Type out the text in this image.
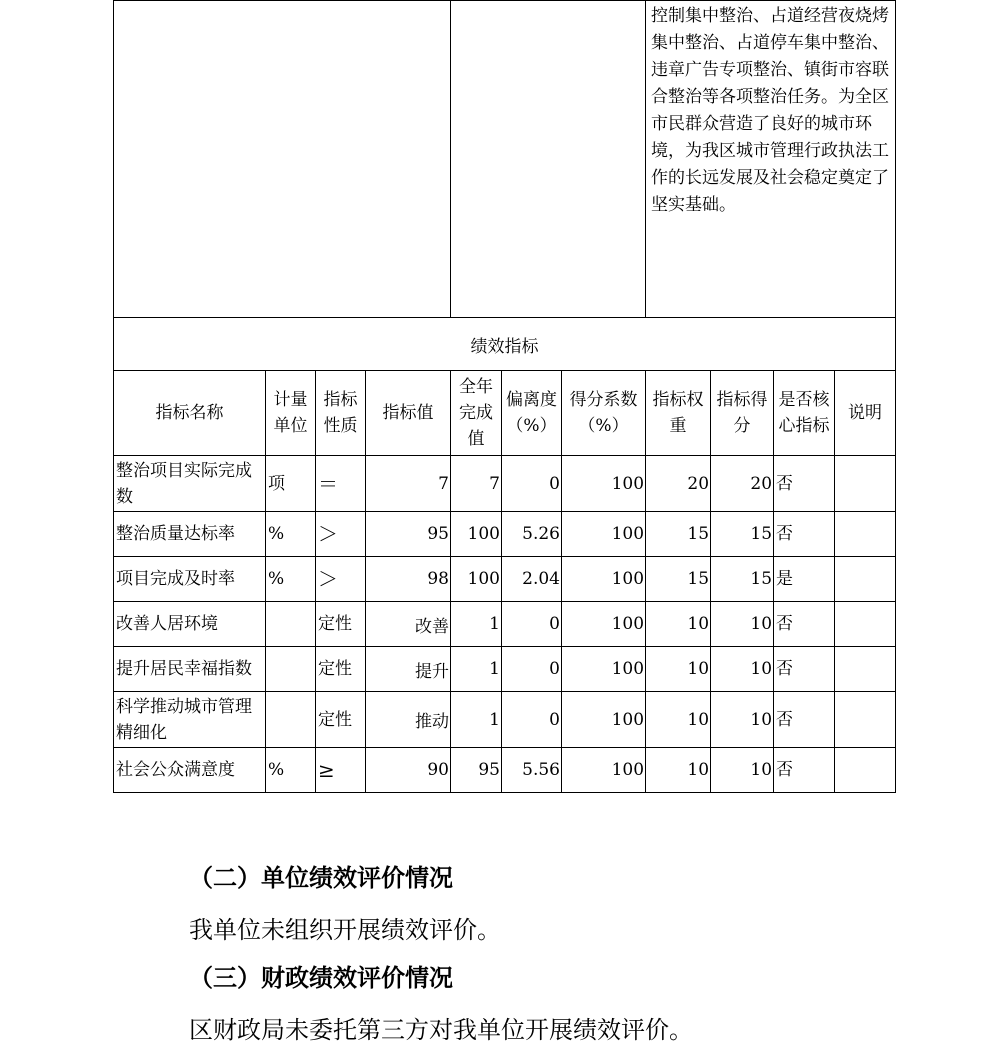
							控制集中整治、占道经营夜烧烤集中整治、占道停车集中整治、违章广告专项整治、镇街市容联合整治等各项整治任务。为全区市民群众营造了良好的城市环境，为我区城市管理行政执法工作的长远发展及社会稳定奠定了坚实基础。			
绩效指标										
指标名称	计量单位	指标性质	指标值	全年完成值	偏离度（%）	得分系数（%）	指标权重	指标得分	是否核心指标	说明
整治项目实际完成数	项	＝	7	7	0	100	20	20	否	
整治质量达标率	%	＞	95	100	5.26	100	15	15	否	
项目完成及时率	%	＞	98	100	2.04	100	15	15	是	
改善人居环境		定性	改善	1	0	100	10	10	否	
提升居民幸福指数		定性	提升	1	0	100	10	10	否	
科学推动城市管理精细化		定性	推动	1	0	100	10	10	否	
社会公众满意度	%	≥	90	95	5.56	100	10	10	否	
（二）单位绩效评价情况
我单位未组织开展绩效评价。
（三）财政绩效评价情况
区财政局未委托第三方对我单位开展绩效评价。
